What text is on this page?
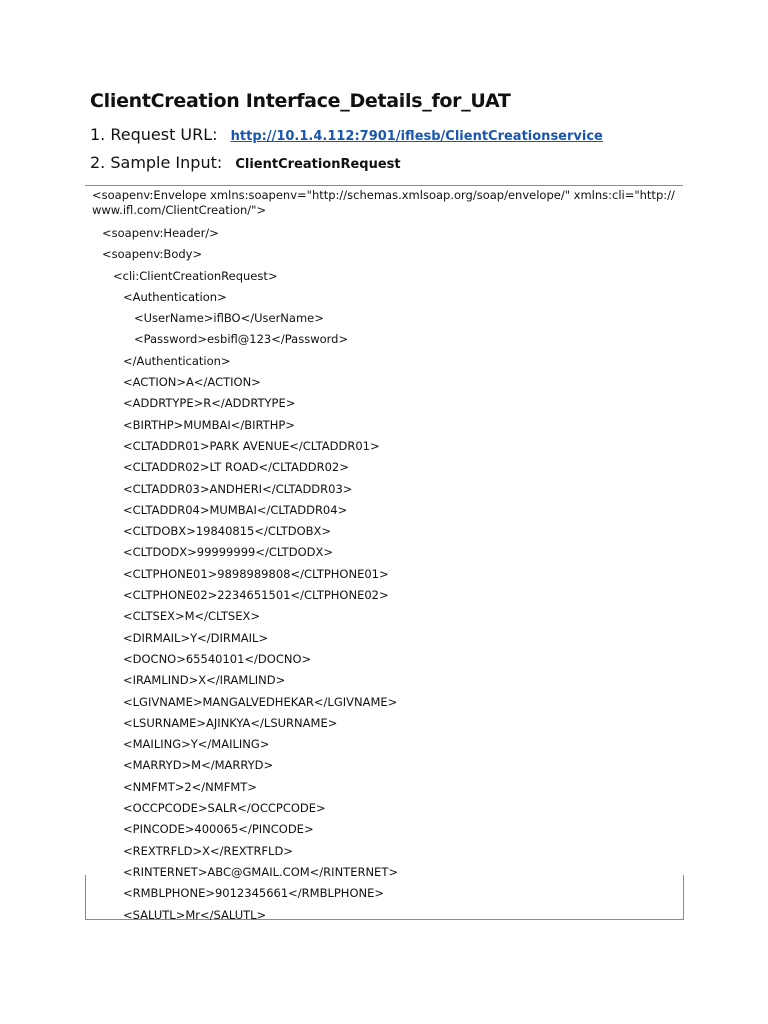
ClientCreation Interface_Details_for_UAT
1. Request URL: http://10.1.4.112:7901/iflesb/ClientCreationservice
2. Sample Input: ClientCreationRequest
<soapenv:Envelope xmlns:soapenv="http://schemas.xmlsoap.org/soap/envelope/" xmlns:cli="http://www.ifl.com/ClientCreation/">
<soapenv:Header/>
<soapenv:Body>
<cli:ClientCreationRequest>
<Authentication>
<UserName>iflBO</UserName>
<Password>esbifl@123</Password>
</Authentication>
<ACTION>A</ACTION>
<ADDRTYPE>R</ADDRTYPE>
<BIRTHP>MUMBAI</BIRTHP>
<CLTADDR01>PARK AVENUE</CLTADDR01>
<CLTADDR02>LT ROAD</CLTADDR02>
<CLTADDR03>ANDHERI</CLTADDR03>
<CLTADDR04>MUMBAI</CLTADDR04>
<CLTDOBX>19840815</CLTDOBX>
<CLTDODX>99999999</CLTDODX>
<CLTPHONE01>9898989808</CLTPHONE01>
<CLTPHONE02>2234651501</CLTPHONE02>
<CLTSEX>M</CLTSEX>
<DIRMAIL>Y</DIRMAIL>
<DOCNO>65540101</DOCNO>
<IRAMLIND>X</IRAMLIND>
<LGIVNAME>MANGALVEDHEKAR</LGIVNAME>
<LSURNAME>AJINKYA</LSURNAME>
<MAILING>Y</MAILING>
<MARRYD>M</MARRYD>
<NMFMT>2</NMFMT>
<OCCPCODE>SALR</OCCPCODE>
<PINCODE>400065</PINCODE>
<REXTRFLD>X</REXTRFLD>
<RINTERNET>ABC@GMAIL.COM</RINTERNET>
<RMBLPHONE>9012345661</RMBLPHONE>
<SALUTL>Mr</SALUTL>
